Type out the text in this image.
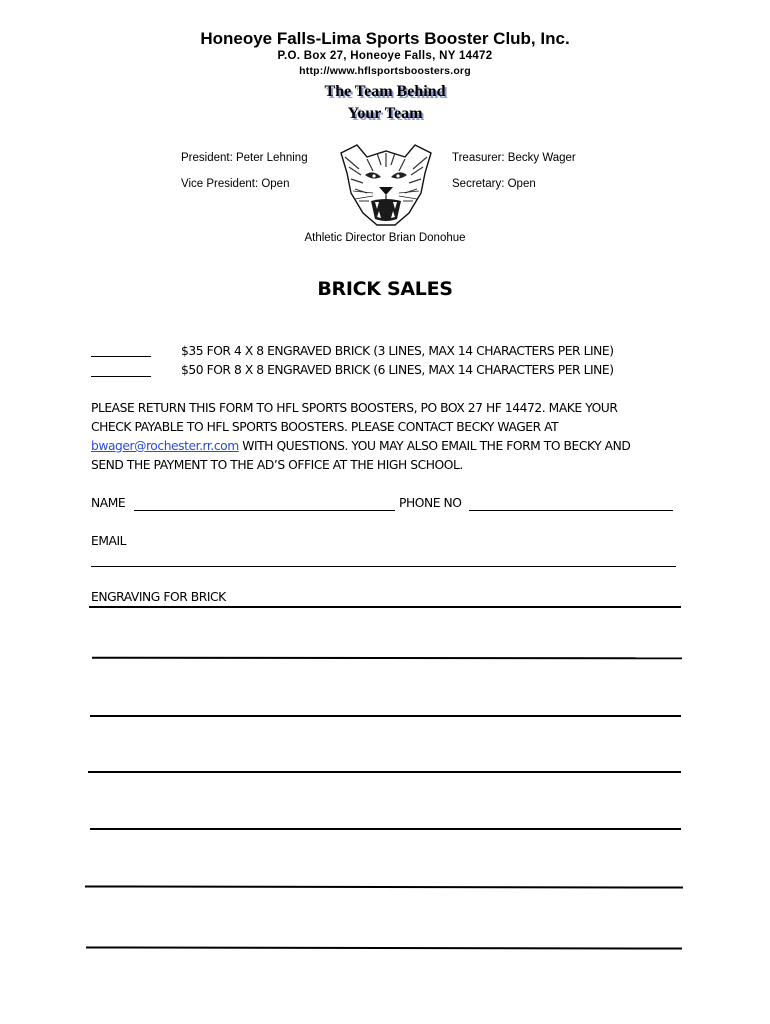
Honeoye Falls-Lima Sports Booster Club, Inc.
P.O. Box 27, Honeoye Falls, NY 14472
http://www.hflsportsboosters.org
The Team Behind
Your Team
President: Peter Lehning
Vice President: Open
Treasurer: Becky Wager
Secretary: Open
Athletic Director Brian Donohue
BRICK SALES
$35 FOR 4 X 8 ENGRAVED BRICK (3 LINES, MAX 14 CHARACTERS PER LINE)
$50 FOR 8 X 8 ENGRAVED BRICK (6 LINES, MAX 14 CHARACTERS PER LINE)
PLEASE RETURN THIS FORM TO HFL SPORTS BOOSTERS, PO BOX 27 HF 14472. MAKE YOUR
CHECK PAYABLE TO HFL SPORTS BOOSTERS. PLEASE CONTACT BECKY WAGER AT
bwager@rochester.rr.com WITH QUESTIONS. YOU MAY ALSO EMAIL THE FORM TO BECKY AND
SEND THE PAYMENT TO THE AD’S OFFICE AT THE HIGH SCHOOL.
NAME	PHONE NO
EMAIL
ENGRAVING FOR BRICK
